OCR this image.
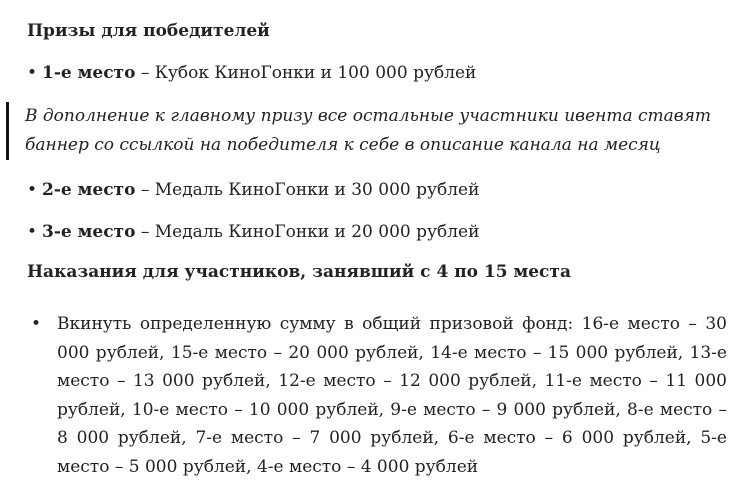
Призы для победителей
• 1-е место – Кубок КиноГонки и 100 000 рублей
В дополнение к главному призу все остальные участники ивента ставят баннер со ссылкой на победителя к себе в описание канала на месяц
• 2-е место – Медаль КиноГонки и 30 000 рублей
• 3-е место – Медаль КиноГонки и 20 000 рублей
Наказания для участников, занявший с 4 по 15 места
• Вкинуть определенную сумму в общий призовой фонд: 16-е место – 30 000 рублей, 15-е место – 20 000 рублей, 14-е место – 15 000 рублей, 13-е место – 13 000 рублей, 12-е место – 12 000 рублей, 11-е место – 11 000 рублей, 10-е место – 10 000 рублей, 9-е место – 9 000 рублей, 8-е место – 8 000 рублей, 7-е место – 7 000 рублей, 6-е место – 6 000 рублей, 5-е место – 5 000 рублей, 4-е место – 4 000 рублей
